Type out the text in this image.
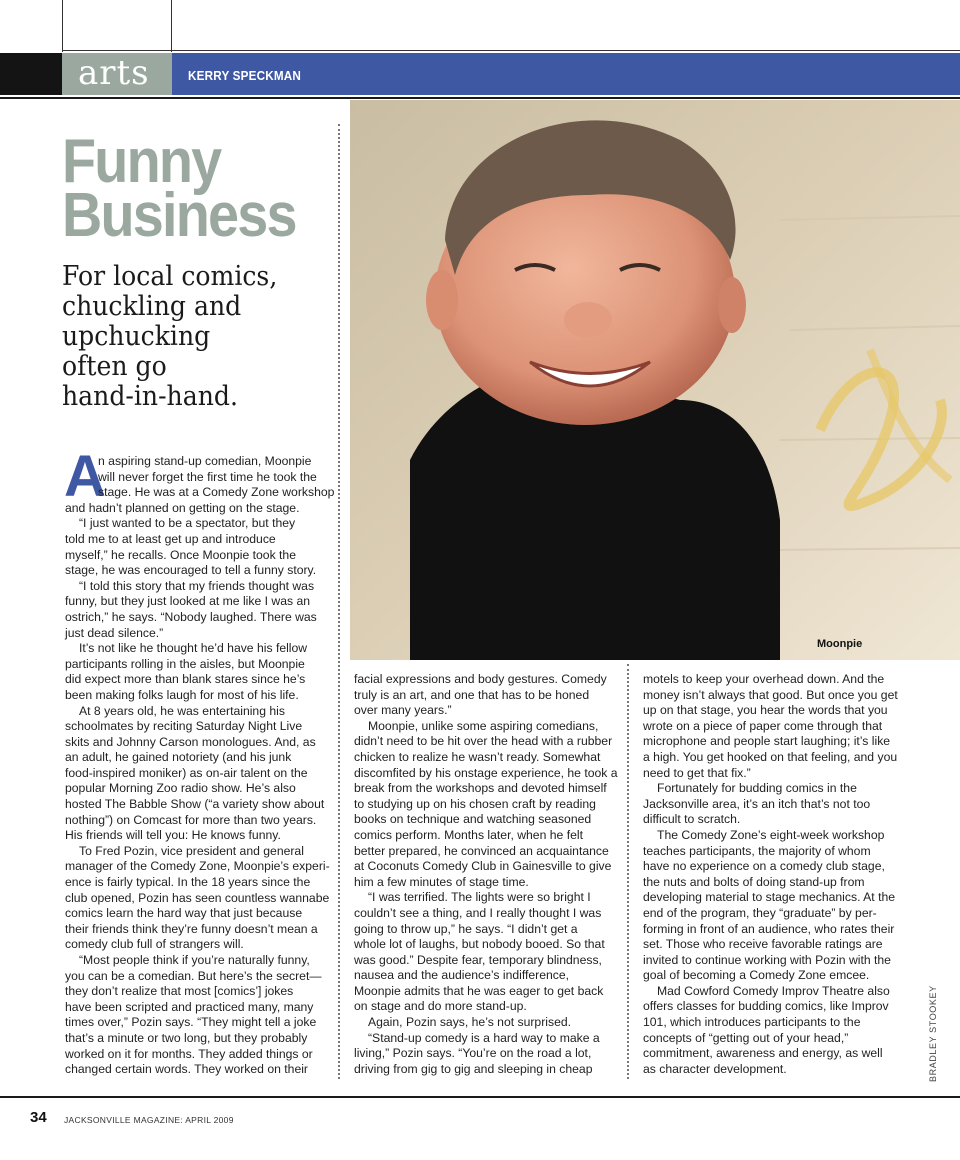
arts	KERRY SPECKMAN
Funny
Business
For local comics,
chuckling and
upchucking
often go
hand-in-hand.
Moonpie
A
n aspiring stand-up comedian, Moonpie
will never forget the first time he took the
stage. He was at a Comedy Zone workshop
and hadn’t planned on getting on the stage.
“I just wanted to be a spectator, but they
told me to at least get up and introduce
myself,” he recalls. Once Moonpie took the
stage, he was encouraged to tell a funny story.
“I told this story that my friends thought was
funny, but they just looked at me like I was an
ostrich,” he says. “Nobody laughed. There was
just dead silence.”
It’s not like he thought he’d have his fellow
participants rolling in the aisles, but Moonpie
did expect more than blank stares since he’s
been making folks laugh for most of his life.
At 8 years old, he was entertaining his
schoolmates by reciting Saturday Night Live
skits and Johnny Carson monologues. And, as
an adult, he gained notoriety (and his junk
food-inspired moniker) as on-air talent on the
popular Morning Zoo radio show. He’s also
hosted The Babble Show (“a variety show about
nothing”) on Comcast for more than two years.
His friends will tell you: He knows funny.
To Fred Pozin, vice president and general
manager of the Comedy Zone, Moonpie’s experi-
ence is fairly typical. In the 18 years since the
club opened, Pozin has seen countless wannabe
comics learn the hard way that just because
their friends think they’re funny doesn’t mean a
comedy club full of strangers will.
“Most people think if you’re naturally funny,
you can be a comedian. But here’s the secret—
they don’t realize that most [comics’] jokes
have been scripted and practiced many, many
times over,” Pozin says. “They might tell a joke
that’s a minute or two long, but they probably
worked on it for months. They added things or
changed certain words. They worked on their
facial expressions and body gestures. Comedy
truly is an art, and one that has to be honed
over many years.”
Moonpie, unlike some aspiring comedians,
didn’t need to be hit over the head with a rubber
chicken to realize he wasn’t ready. Somewhat
discomfited by his onstage experience, he took a
break from the workshops and devoted himself
to studying up on his chosen craft by reading
books on technique and watching seasoned
comics perform. Months later, when he felt
better prepared, he convinced an acquaintance
at Coconuts Comedy Club in Gainesville to give
him a few minutes of stage time.
“I was terrified. The lights were so bright I
couldn’t see a thing, and I really thought I was
going to throw up,” he says. “I didn’t get a
whole lot of laughs, but nobody booed. So that
was good.” Despite fear, temporary blindness,
nausea and the audience’s indifference,
Moonpie admits that he was eager to get back
on stage and do more stand-up.
Again, Pozin says, he’s not surprised.
“Stand-up comedy is a hard way to make a
living,” Pozin says. “You’re on the road a lot,
driving from gig to gig and sleeping in cheap
motels to keep your overhead down. And the
money isn’t always that good. But once you get
up on that stage, you hear the words that you
wrote on a piece of paper come through that
microphone and people start laughing; it’s like
a high. You get hooked on that feeling, and you
need to get that fix.”
Fortunately for budding comics in the
Jacksonville area, it’s an itch that’s not too
difficult to scratch.
The Comedy Zone’s eight-week workshop
teaches participants, the majority of whom
have no experience on a comedy club stage,
the nuts and bolts of doing stand-up from
developing material to stage mechanics. At the
end of the program, they “graduate” by per-
forming in front of an audience, who rates their
set. Those who receive favorable ratings are
invited to continue working with Pozin with the
goal of becoming a Comedy Zone emcee.
Mad Cowford Comedy Improv Theatre also
offers classes for budding comics, like Improv
101, which introduces participants to the
concepts of “getting out of your head,”
commitment, awareness and energy, as well
as character development.	BRADLEY STOOKEY
34 JACKSONVILLE MAGAZINE: APRIL 2009
